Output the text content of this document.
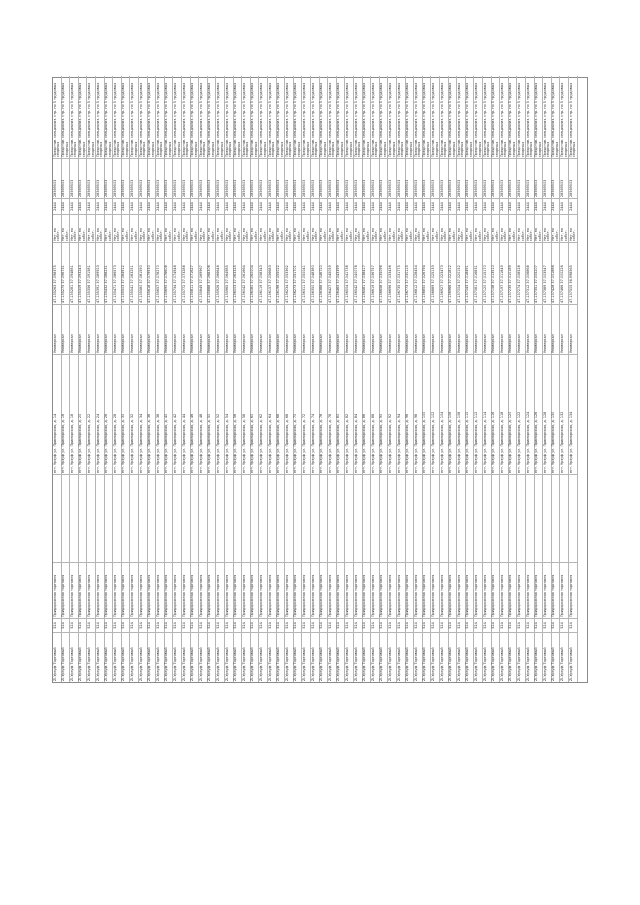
Zl-Урзуф Торговый
524
Придорожная торговля
пгт. Урзуф ул. Приморская, д. 14
Универсал
47.135263 37.098375
Нет, по собст.
2444
28569503
Представ. специализ. стр. по 5 трудовых спорных
Zl-Урзуф Торговый
524
Придорожная торговля
пгт. Урзуф ул. Приморская, д. 16
Универсал
47.135275 37.096731
Нет, по собст.
2444
28569503
Представ. специализ. стр. по 5 трудовых спорных
Zl-Урзуф Торговый
524
Придорожная торговля
пгт. Урзуф ул. Приморская, д. 18
Универсал
47.135281 37.094881
Нет, по собст.
2444
28569503
Представ. специализ. стр. по 5 трудовых спорных
Zl-Урзуф Торговый
524
Придорожная торговля
пгт. Урзуф ул. Приморская, д. 20
Универсал
47.135309 37.093243
Нет, по собст.
2444
28569503
Представ. специализ. стр. по 5 трудовых спорных
Zl-Урзуф Торговый
524
Придорожная торговля
пгт. Урзуф ул. Приморская, д. 22
Универсал
47.135356 37.091581
Нет, по собст.
2444
28569503
Представ. специализ. стр. по 5 трудовых спорных
Zl-Урзуф Торговый
524
Придорожная торговля
пгт. Урзуф ул. Приморская, д. 24
Универсал
47.135391 37.089923
Нет, по собст.
2444
28569503
Представ. специализ. стр. по 5 трудовых спорных
Zl-Урзуф Торговый
524
Придорожная торговля
пгт. Урзуф ул. Приморская, д. 26
Универсал
47.135432 37.088231
Нет, по собст.
2444
28569503
Представ. специализ. стр. по 5 трудовых спорных
Zl-Урзуф Торговый
524
Придорожная торговля
пгт. Урзуф ул. Приморская, д. 28
Универсал
47.135471 37.086573
Нет, по собст.
2444
28569503
Представ. специализ. стр. по 5 трудовых спорных
Zl-Урзуф Торговый
524
Придорожная торговля
пгт. Урзуф ул. Приморская, д. 30
Универсал
47.135503 37.084912
Нет, по собст.
2444
28569503
Представ. специализ. стр. по 5 трудовых спорных
Zl-Урзуф Торговый
524
Придорожная торговля
пгт. Урзуф ул. Приморская, д. 32
Универсал
47.135541 37.083251
Нет, по собст.
2444
28569503
Представ. специализ. стр. по 5 трудовых спорных
Zl-Урзуф Торговый
524
Придорожная торговля
пгт. Урзуф ул. Приморская, д. 34
Универсал
47.135580 37.081590
Нет, по собст.
2444
28569503
Представ. специализ. стр. по 5 трудовых спорных
Zl-Урзуф Торговый
524
Придорожная торговля
пгт. Урзуф ул. Приморская, д. 36
Универсал
47.135618 37.079930
Нет, по собст.
2444
28569503
Представ. специализ. стр. по 5 трудовых спорных
Zl-Урзуф Торговый
524
Придорожная торговля
пгт. Урзуф ул. Приморская, д. 38
Универсал
47.135657 37.078270
Нет, по собст.
2444
28569503
Представ. специализ. стр. по 5 трудовых спорных
Zl-Урзуф Торговый
524
Придорожная торговля
пгт. Урзуф ул. Приморская, д. 40
Универсал
47.135695 37.076608
Нет, по собст.
2444
28569503
Представ. специализ. стр. по 5 трудовых спорных
Zl-Урзуф Торговый
524
Придорожная торговля
пгт. Урзуф ул. Приморская, д. 42
Универсал
47.135734 37.074948
Нет, по собст.
2444
28569503
Представ. специализ. стр. по 5 трудовых спорных
Zl-Урзуф Торговый
524
Придорожная торговля
пгт. Урзуф ул. Приморская, д. 44
Универсал
47.135772 37.073288
Нет, по собст.
2444
28569503
Представ. специализ. стр. по 5 трудовых спорных
Zl-Урзуф Торговый
524
Придорожная торговля
пгт. Урзуф ул. Приморская, д. 46
Универсал
47.135811 37.071627
Нет, по собст.
2444
28569503
Представ. специализ. стр. по 5 трудовых спорных
Zl-Урзуф Торговый
524
Придорожная торговля
пгт. Урзуф ул. Приморская, д. 48
Универсал
47.135849 37.069967
Нет, по собст.
2444
28569503
Представ. специализ. стр. по 5 трудовых спорных
Zl-Урзуф Торговый
524
Придорожная торговля
пгт. Урзуф ул. Приморская, д. 50
Универсал
47.135888 37.068306
Нет, по собст.
2444
28569503
Представ. специализ. стр. по 5 трудовых спорных
Zl-Урзуф Торговый
524
Придорожная торговля
пгт. Урзуф ул. Приморская, д. 52
Универсал
47.135926 37.066646
Нет, по собст.
2444
28569503
Представ. специализ. стр. по 5 трудовых спорных
Zl-Урзуф Торговый
524
Придорожная торговля
пгт. Урзуф ул. Приморская, д. 54
Универсал
47.135965 37.064985
Нет, по собст.
2444
28569503
Представ. специализ. стр. по 5 трудовых спорных
Zl-Урзуф Торговый
524
Придорожная торговля
пгт. Урзуф ул. Приморская, д. 56
Универсал
47.136003 37.063325
Нет, по собст.
2444
28569503
Представ. специализ. стр. по 5 трудовых спорных
Zl-Урзуф Торговый
524
Придорожная торговля
пгт. Урзуф ул. Приморская, д. 58
Универсал
47.136042 37.061664
Нет, по собст.
2444
28569503
Представ. специализ. стр. по 5 трудовых спорных
Zl-Урзуф Торговый
524
Придорожная торговля
пгт. Урзуф ул. Приморская, д. 60
Универсал
47.136080 37.060004
Нет, по собст.
2444
28569503
Представ. специализ. стр. по 5 трудовых спорных
Zl-Урзуф Торговый
524
Придорожная торговля
пгт. Урзуф ул. Приморская, д. 62
Универсал
47.136119 37.058343
Нет, по собст.
2444
28569503
Представ. специализ. стр. по 5 трудовых спорных
Zl-Урзуф Торговый
524
Придорожная торговля
пгт. Урзуф ул. Приморская, д. 64
Универсал
47.136157 37.056683
Нет, по собст.
2444
28569503
Представ. специализ. стр. по 5 трудовых спорных
Zl-Урзуф Торговый
524
Придорожная торговля
пгт. Урзуф ул. Приморская, д. 66
Универсал
47.136196 37.055022
Нет, по собст.
2444
28569503
Представ. специализ. стр. по 5 трудовых спорных
Zl-Урзуф Торговый
524
Придорожная торговля
пгт. Урзуф ул. Приморская, д. 68
Универсал
47.136234 37.053362
Нет, по собст.
2444
28569503
Представ. специализ. стр. по 5 трудовых спорных
Zl-Урзуф Торговый
524
Придорожная торговля
пгт. Урзуф ул. Приморская, д. 70
Универсал
47.136273 37.051701
Нет, по собст.
2444
28569503
Представ. специализ. стр. по 5 трудовых спорных
Zl-Урзуф Торговый
524
Придорожная торговля
пгт. Урзуф ул. Приморская, д. 72
Универсал
47.136311 37.050041
Нет, по собст.
2444
28569503
Представ. специализ. стр. по 5 трудовых спорных
Zl-Урзуф Торговый
524
Придорожная торговля
пгт. Урзуф ул. Приморская, д. 74
Универсал
47.136350 37.048380
Нет, по собст.
2444
28569503
Представ. специализ. стр. по 5 трудовых спорных
Zl-Урзуф Торговый
524
Придорожная торговля
пгт. Урзуф ул. Приморская, д. 76
Универсал
47.136388 37.046720
Нет, по собст.
2444
28569503
Представ. специализ. стр. по 5 трудовых спорных
Zl-Урзуф Торговый
524
Придорожная торговля
пгт. Урзуф ул. Приморская, д. 78
Универсал
47.136427 37.045059
Нет, по собст.
2444
28569503
Представ. специализ. стр. по 5 трудовых спорных
Zl-Урзуф Торговый
524
Придорожная торговля
пгт. Урзуф ул. Приморская, д. 80
Универсал
47.136465 37.043399
Нет, по собст.
2444
28569503
Представ. специализ. стр. по 5 трудовых спорных
Zl-Урзуф Торговый
524
Придорожная торговля
пгт. Урзуф ул. Приморская, д. 82
Универсал
47.136504 37.041738
Нет, по собст.
2444
28569503
Представ. специализ. стр. по 5 трудовых спорных
Zl-Урзуф Торговый
524
Придорожная торговля
пгт. Урзуф ул. Приморская, д. 84
Универсал
47.136542 37.040078
Нет, по собст.
2444
28569503
Представ. специализ. стр. по 5 трудовых спорных
Zl-Урзуф Торговый
524
Придорожная торговля
пгт. Урзуф ул. Приморская, д. 86
Универсал
47.136581 37.038417
Нет, по собст.
2444
28569503
Представ. специализ. стр. по 5 трудовых спорных
Zl-Урзуф Торговый
524
Придорожная торговля
пгт. Урзуф ул. Приморская, д. 88
Универсал
47.136619 37.036757
Нет, по собст.
2444
28569503
Представ. специализ. стр. по 5 трудовых спорных
Zl-Урзуф Торговый
524
Придорожная торговля
пгт. Урзуф ул. Приморская, д. 90
Универсал
47.136658 37.035096
Нет, по собст.
2444
28569503
Представ. специализ. стр. по 5 трудовых спорных
Zl-Урзуф Торговый
524
Придорожная торговля
пгт. Урзуф ул. Приморская, д. 92
Универсал
47.136696 37.033436
Нет, по собст.
2444
28569503
Представ. специализ. стр. по 5 трудовых спорных
Zl-Урзуф Торговый
524
Придорожная торговля
пгт. Урзуф ул. Приморская, д. 94
Универсал
47.136735 37.031775
Нет, по собст.
2444
28569503
Представ. специализ. стр. по 5 трудовых спорных
Zl-Урзуф Торговый
524
Придорожная торговля
пгт. Урзуф ул. Приморская, д. 96
Универсал
47.136773 37.030115
Нет, по собст.
2444
28569503
Представ. специализ. стр. по 5 трудовых спорных
Zl-Урзуф Торговый
524
Придорожная торговля
пгт. Урзуф ул. Приморская, д. 98
Универсал
47.136812 37.028454
Нет, по собст.
2444
28569503
Представ. специализ. стр. по 5 трудовых спорных
Zl-Урзуф Торговый
524
Придорожная торговля
пгт. Урзуф ул. Приморская, д. 100
Универсал
47.136850 37.026794
Нет, по собст.
2444
28569503
Представ. специализ. стр. по 5 трудовых спорных
Zl-Урзуф Торговый
524
Придорожная торговля
пгт. Урзуф ул. Приморская, д. 102
Универсал
47.136889 37.025133
Нет, по собст.
2444
28569503
Представ. специализ. стр. по 5 трудовых спорных
Zl-Урзуф Торговый
524
Придорожная торговля
пгт. Урзуф ул. Приморская, д. 104
Универсал
47.136927 37.023473
Нет, по собст.
2444
28569503
Представ. специализ. стр. по 5 трудовых спорных
Zl-Урзуф Торговый
524
Придорожная торговля
пгт. Урзуф ул. Приморская, д. 106
Универсал
47.136966 37.021812
Нет, по собст.
2444
28569503
Представ. специализ. стр. по 5 трудовых спорных
Zl-Урзуф Торговый
524
Придорожная торговля
пгт. Урзуф ул. Приморская, д. 108
Универсал
47.137004 37.020152
Нет, по собст.
2444
28569503
Представ. специализ. стр. по 5 трудовых спорных
Zl-Урзуф Торговый
524
Придорожная торговля
пгт. Урзуф ул. Приморская, д. 110
Универсал
47.137043 37.018491
Нет, по собст.
2444
28569503
Представ. специализ. стр. по 5 трудовых спорных
Zl-Урзуф Торговый
524
Придорожная торговля
пгт. Урзуф ул. Приморская, д. 112
Универсал
47.137081 37.016831
Нет, по собст.
2444
28569503
Представ. специализ. стр. по 5 трудовых спорных
Zl-Урзуф Торговый
524
Придорожная торговля
пгт. Урзуф ул. Приморская, д. 114
Универсал
47.137120 37.015170
Нет, по собст.
2444
28569503
Представ. специализ. стр. по 5 трудовых спорных
Zl-Урзуф Торговый
524
Придорожная торговля
пгт. Урзуф ул. Приморская, д. 116
Универсал
47.137158 37.013510
Нет, по собст.
2444
28569503
Представ. специализ. стр. по 5 трудовых спорных
Zl-Урзуф Торговый
524
Придорожная торговля
пгт. Урзуф ул. Приморская, д. 118
Универсал
47.137197 37.011849
Нет, по собст.
2444
28569503
Представ. специализ. стр. по 5 трудовых спорных
Zl-Урзуф Торговый
524
Придорожная торговля
пгт. Урзуф ул. Приморская, д. 120
Универсал
47.137235 37.010189
Нет, по собст.
2444
28569503
Представ. специализ. стр. по 5 трудовых спорных
Zl-Урзуф Торговый
524
Придорожная торговля
пгт. Урзуф ул. Приморская, д. 122
Универсал
47.137274 37.008528
Нет, по собст.
2444
28569503
Представ. специализ. стр. по 5 трудовых спорных
Zl-Урзуф Торговый
524
Придорожная торговля
пгт. Урзуф ул. Приморская, д. 124
Универсал
47.137312 37.006868
Нет, по собст.
2444
28569503
Представ. специализ. стр. по 5 трудовых спорных
Zl-Урзуф Торговый
524
Придорожная торговля
пгт. Урзуф ул. Приморская, д. 126
Универсал
47.137351 37.005207
Нет, по собст.
2444
28569503
Представ. специализ. стр. по 5 трудовых спорных
Zl-Урзуф Торговый
524
Придорожная торговля
пгт. Урзуф ул. Приморская, д. 128
Универсал
47.137389 37.003547
Нет, по собст.
2444
28569503
Представ. специализ. стр. по 5 трудовых спорных
Zl-Урзуф Торговый
524
Придорожная торговля
пгт. Урзуф ул. Приморская, д. 130
Универсал
47.137428 37.001886
Нет, по собст.
2444
28569503
Представ. специализ. стр. по 5 трудовых спорных
Zl-Урзуф Торговый
524
Придорожная торговля
пгт. Урзуф ул. Приморская, д. 132
Универсал
47.137466 37.000226
Нет, по собст.
2444
28569503
Представ. специализ. стр. по 5 трудовых спорных
Zl-Урзуф Торговый
524
Придорожная торговля
пгт. Урзуф ул. Приморская, д. 134
Универсал
47.137505 36.998565
Нет, по собст.
2444
28569503
Представ. специализ. стр. по 5 трудовых спорных
